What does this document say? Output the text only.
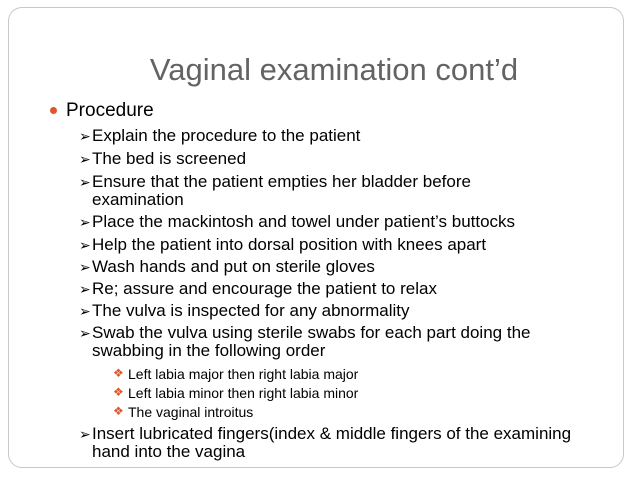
Vaginal examination cont’d
Procedure
➢ Explain the procedure to the patient
➢ The bed is screened
➢ Ensure that the patient empties her bladder before examination
➢ Place the mackintosh and towel under patient’s buttocks
➢ Help the patient into dorsal position with knees apart
➢ Wash hands and put on sterile gloves
➢ Re; assure and encourage the patient to relax
➢ The vulva is inspected for any abnormality
➢ Swab the vulva using sterile swabs for each part doing the swabbing in the following order
❖ Left labia major then right labia major
❖ Left labia minor then right labia minor
❖ The vaginal introitus
➢ Insert lubricated fingers(index & middle fingers of the examining hand into the vagina
